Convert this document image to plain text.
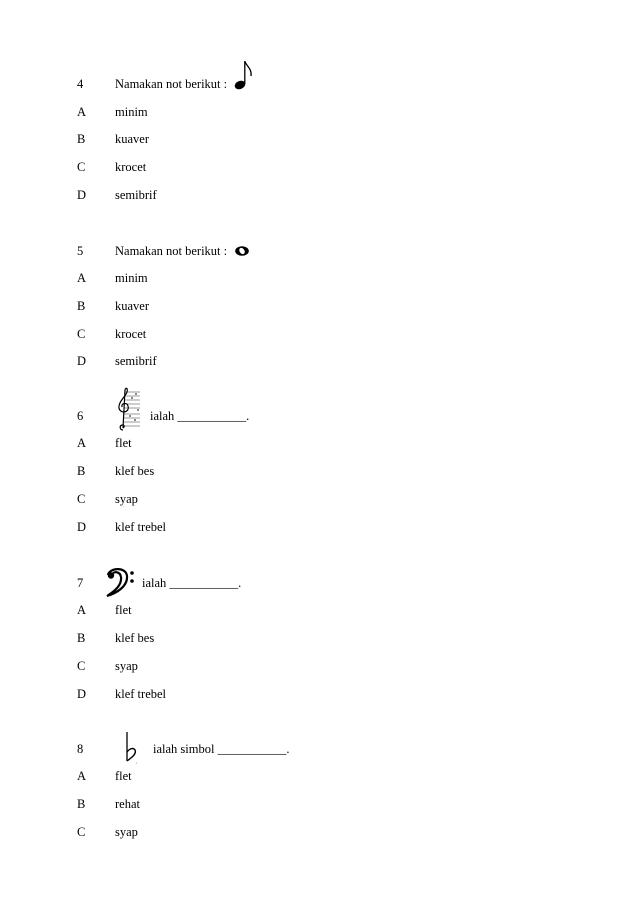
4	Namakan not berikut :
A minim
B kuaver
C krocet
D semibrif
5	Namakan not berikut :
A minim
B kuaver
C krocet
D semibrif
6	ialah ___________.
A flet
B klef bes
C syap
D klef trebel
7	ialah ___________.
A flet
B klef bes
C syap
D klef trebel
8	ialah simbol ___________.
A flet
B rehat
C syap
